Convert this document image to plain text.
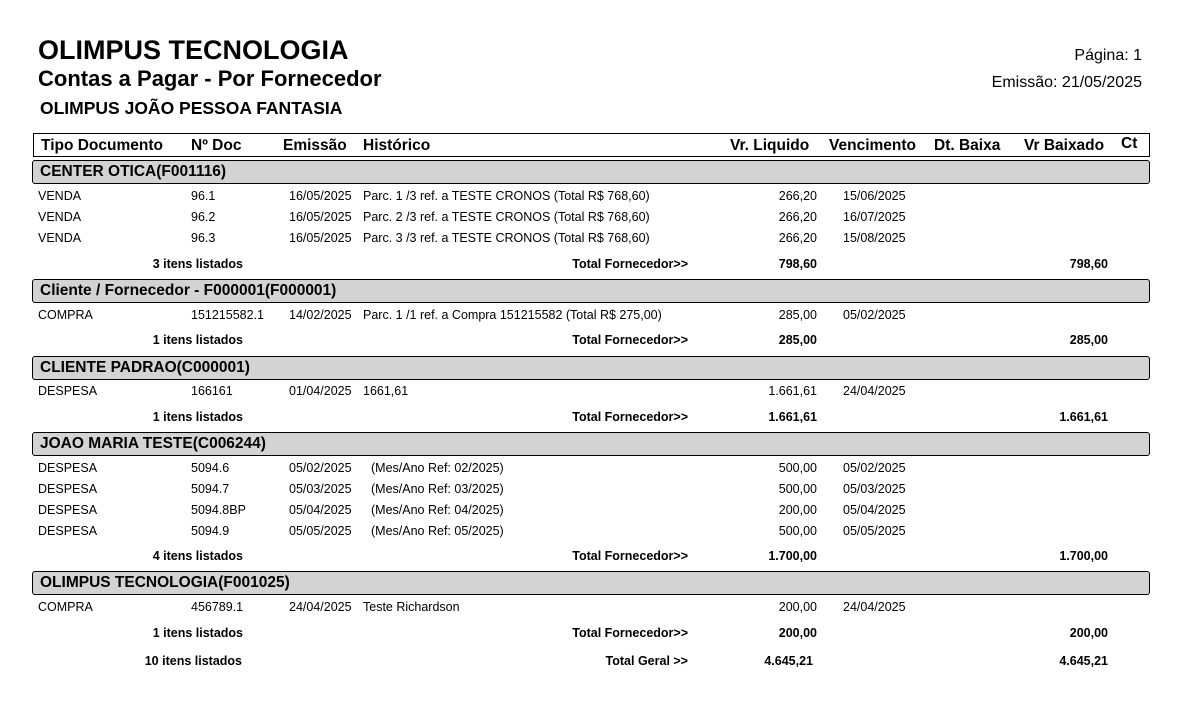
OLIMPUS TECNOLOGIA
Contas a Pagar - Por Fornecedor
OLIMPUS JOÃO PESSOA FANTASIA
Página: 1
Emissão: 21/05/2025
Tipo Documento Nº Doc	Emissão Histórico	Vr. Liquido Vencimento Dt. Baixa Vr Baixado Ct
CENTER OTICA(F001116)
VENDA	96.1	16/05/2025 Parc. 1 /3 ref. a TESTE CRONOS (Total R$ 768,60)	266,20 15/06/2025
VENDA	96.2	16/05/2025 Parc. 2 /3 ref. a TESTE CRONOS (Total R$ 768,60)	266,20 16/07/2025
VENDA	96.3	16/05/2025 Parc. 3 /3 ref. a TESTE CRONOS (Total R$ 768,60)	266,20 15/08/2025
3 itens listados	Total Fornecedor>>	798,60	798,60
Cliente / Fornecedor - F000001(F000001)
COMPRA	151215582.1 14/02/2025 Parc. 1 /1 ref. a Compra 151215582 (Total R$ 275,00)	285,00 05/02/2025
1 itens listados	Total Fornecedor>>	285,00	285,00
CLIENTE PADRAO(C000001)
DESPESA	166161	01/04/2025 1661,61	1.661,61 24/04/2025
1 itens listados	Total Fornecedor>>	1.661,61	1.661,61
JOAO MARIA TESTE(C006244)
DESPESA	5094.6	05/02/2025 (Mes/Ano Ref: 02/2025)	500,00 05/02/2025
DESPESA	5094.7	05/03/2025 (Mes/Ano Ref: 03/2025)	500,00 05/03/2025
DESPESA	5094.8BP	05/04/2025 (Mes/Ano Ref: 04/2025)	200,00 05/04/2025
DESPESA	5094.9	05/05/2025 (Mes/Ano Ref: 05/2025)	500,00 05/05/2025
4 itens listados	Total Fornecedor>>	1.700,00	1.700,00
OLIMPUS TECNOLOGIA(F001025)
COMPRA	456789.1	24/04/2025 Teste Richardson	200,00 24/04/2025
1 itens listados	Total Fornecedor>>	200,00	200,00
10 itens listados	Total Geral >>	4.645,21	4.645,21
